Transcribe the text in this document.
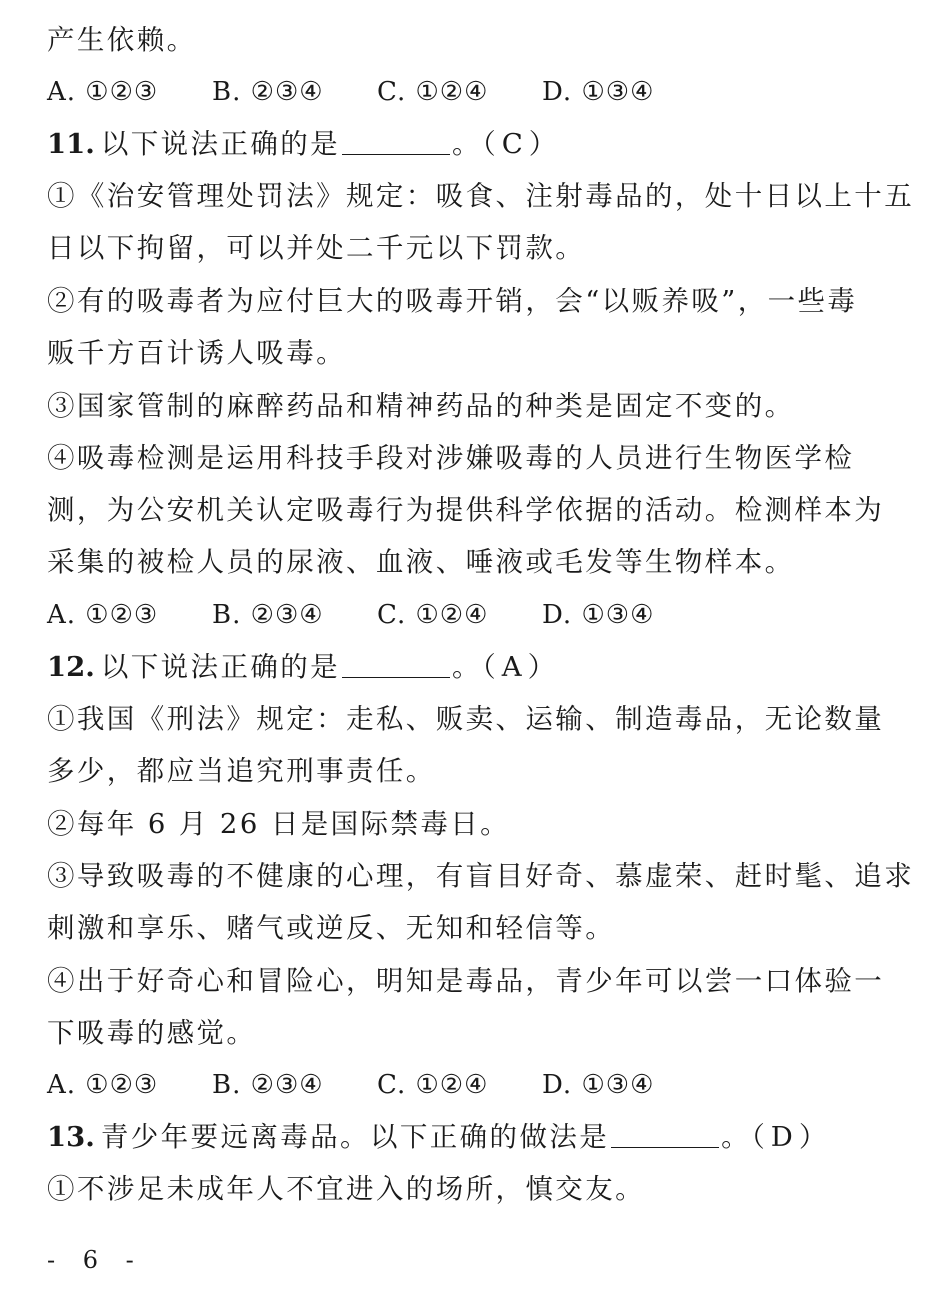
产生依赖。
A. ①②③ B. ②③④ C. ①②④ D. ①③④
11. 以下说法正确的是	。（C）
①《治安管理处罚法》规定：吸食、注射毒品的，处十日以上十五
日以下拘留，可以并处二千元以下罚款。
②有的吸毒者为应付巨大的吸毒开销，会“以贩养吸”，一些毒
贩千方百计诱人吸毒。
③国家管制的麻醉药品和精神药品的种类是固定不变的。
④吸毒检测是运用科技手段对涉嫌吸毒的人员进行生物医学检
测，为公安机关认定吸毒行为提供科学依据的活动。检测样本为
采集的被检人员的尿液、血液、唾液或毛发等生物样本。
A. ①②③ B. ②③④ C. ①②④ D. ①③④
12. 以下说法正确的是	。（A）
①我国《刑法》规定：走私、贩卖、运输、制造毒品，无论数量
多少，都应当追究刑事责任。
②每年 6 月 26 日是国际禁毒日。
③导致吸毒的不健康的心理，有盲目好奇、慕虚荣、赶时髦、追求
刺激和享乐、赌气或逆反、无知和轻信等。
④出于好奇心和冒险心，明知是毒品，青少年可以尝一口体验一
下吸毒的感觉。
A. ①②③ B. ②③④ C. ①②④ D. ①③④
13. 青少年要远离毒品。以下正确的做法是	。（D）
①不涉足未成年人不宜进入的场所，慎交友。
- 6 -
